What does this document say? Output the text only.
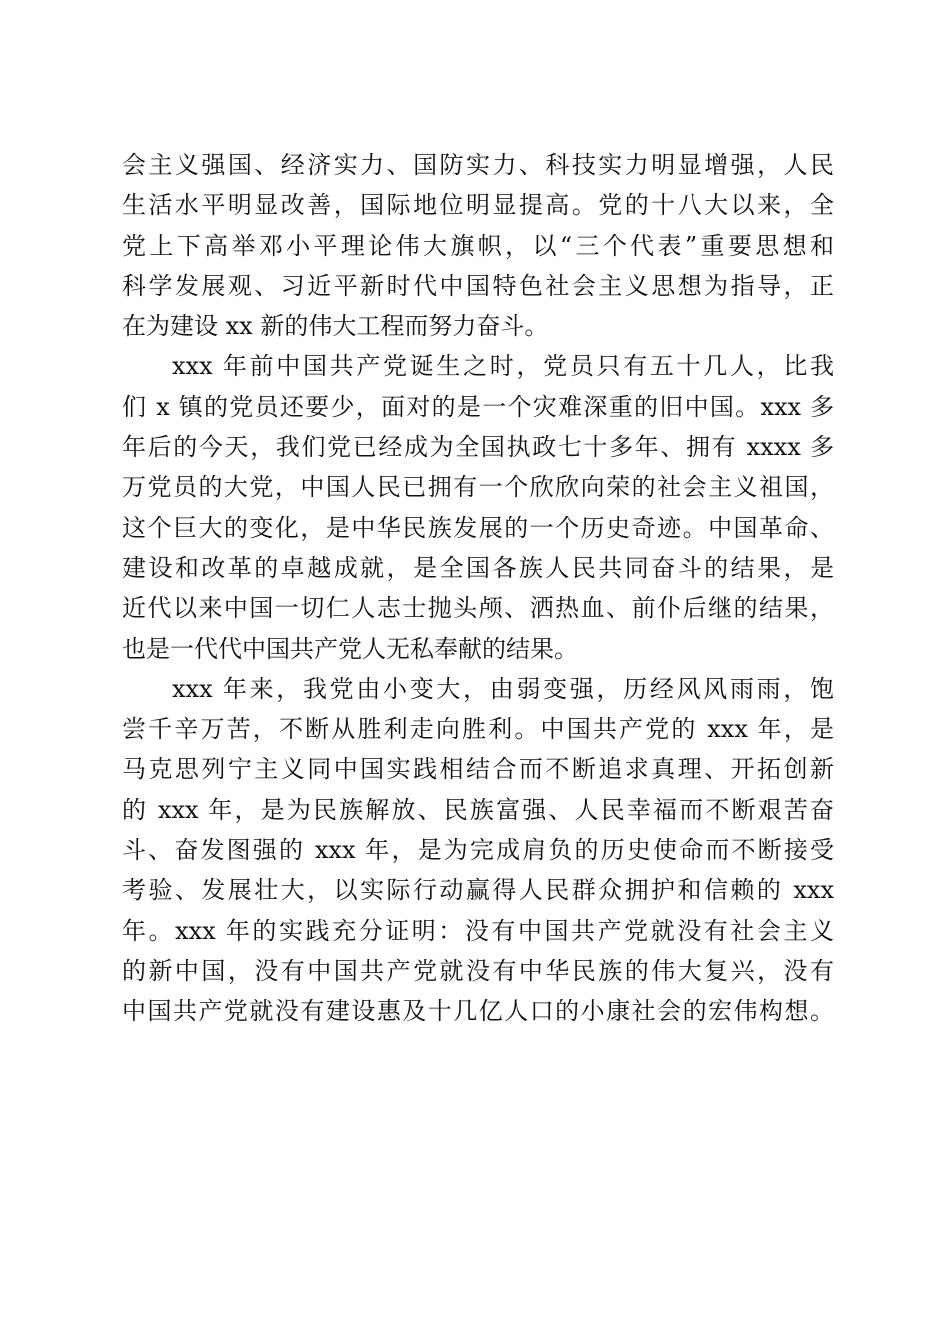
会主义强国、经济实力、国防实力、科技实力明显增强，人民
生活水平明显改善，国际地位明显提高。党的十八大以来，全
党上下高举邓小平理论伟大旗帜，以“三个代表”重要思想和
科学发展观、习近平新时代中国特色社会主义思想为指导，正
在为建设 xx 新的伟大工程而努力奋斗。
xxx 年前中国共产党诞生之时，党员只有五十几人，比我
们 x 镇的党员还要少，面对的是一个灾难深重的旧中国。xxx 多
年后的今天，我们党已经成为全国执政七十多年、拥有 xxxx 多
万党员的大党，中国人民已拥有一个欣欣向荣的社会主义祖国，
这个巨大的变化，是中华民族发展的一个历史奇迹。中国革命、
建设和改革的卓越成就，是全国各族人民共同奋斗的结果，是
近代以来中国一切仁人志士抛头颅、洒热血、前仆后继的结果，
也是一代代中国共产党人无私奉献的结果。
xxx 年来，我党由小变大，由弱变强，历经风风雨雨，饱
尝千辛万苦，不断从胜利走向胜利。中国共产党的 xxx 年，是
马克思列宁主义同中国实践相结合而不断追求真理、开拓创新
的 xxx 年，是为民族解放、民族富强、人民幸福而不断艰苦奋
斗、奋发图强的 xxx 年，是为完成肩负的历史使命而不断接受
考验、发展壮大，以实际行动赢得人民群众拥护和信赖的 xxx
年。xxx 年的实践充分证明：没有中国共产党就没有社会主义
的新中国，没有中国共产党就没有中华民族的伟大复兴，没有
中国共产党就没有建设惠及十几亿人口的小康社会的宏伟构想。
